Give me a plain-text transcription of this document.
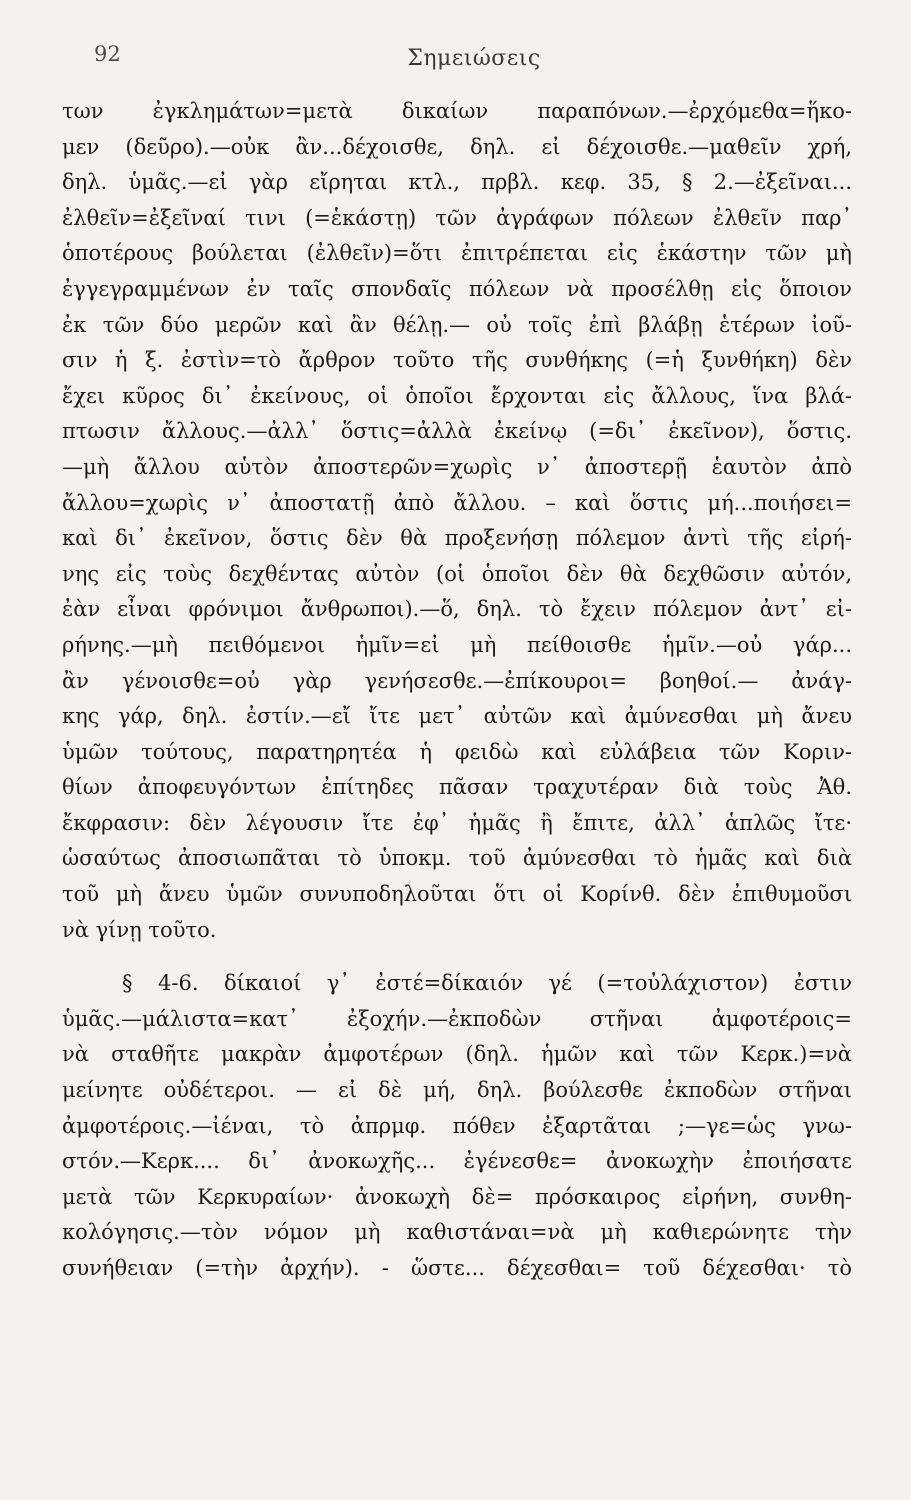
92	Σημειώσεις
των ἐγκλημάτων=μετὰ δικαίων παραπόνων.—ἐρχόμεθα=ἥκο-
μεν (δεῦρο).—οὐκ ἂν...δέχοισθε, δηλ. εἰ δέχοισθε.—μαθεῖν χρή,
δηλ. ὑμᾶς.—εἰ γὰρ εἴρηται κτλ., πρβλ. κεφ. 35, § 2.—ἐξεῖναι...
ἐλθεῖν=ἐξεῖναί τινι (=ἑκάστῃ) τῶν ἀγράφων πόλεων ἐλθεῖν παρ᾽
ὁποτέρους βούλεται (ἐλθεῖν)=ὅτι ἐπιτρέπεται εἰς ἑκάστην τῶν μὴ
ἐγγεγραμμένων ἐν ταῖς σπονδαῖς πόλεων νὰ προσέλθῃ εἰς ὅποιον
ἐκ τῶν δύο μερῶν καὶ ἂν θέλῃ.— οὐ τοῖς ἐπὶ βλάβῃ ἑτέρων ἰοῦ-
σιν ἡ ξ. ἐστὶν=τὸ ἄρθρον τοῦτο τῆς συνθήκης (=ἡ ξυνθήκη) δὲν
ἔχει κῦρος δι᾽ ἐκείνους, οἱ ὁποῖοι ἔρχονται εἰς ἄλλους, ἵνα βλά-
πτωσιν ἄλλους.—ἀλλ᾽ ὅστις=ἀλλὰ ἐκείνῳ (=δι᾽ ἐκεῖνον), ὅστις.
—μὴ ἄλλου αὑτὸν ἀποστερῶν=χωρὶς ν᾽ ἀποστερῇ ἑαυτὸν ἀπὸ
ἄλλου=χωρὶς ν᾽ ἀποστατῇ ἀπὸ ἄλλου. – καὶ ὅστις μή...ποιήσει=
καὶ δι᾽ ἐκεῖνον, ὅστις δὲν θὰ προξενήσῃ πόλεμον ἀντὶ τῆς εἰρή-
νης εἰς τοὺς δεχθέντας αὐτὸν (οἱ ὁποῖοι δὲν θὰ δεχθῶσιν αὐτόν,
ἐὰν εἶναι φρόνιμοι ἄνθρωποι).—ὅ, δηλ. τὸ ἔχειν πόλεμον ἀντ᾽ εἰ-
ρήνης.—μὴ πειθόμενοι ἡμῖν=εἰ μὴ πείθοισθε ἡμῖν.—οὐ γάρ...
ἂν γένοισθε=οὐ γὰρ γενήσεσθε.—ἐπίκουροι= βοηθοί.— ἀνάγ-
κης γάρ, δηλ. ἐστίν.—εἴ ἴτε μετ᾽ αὐτῶν καὶ ἀμύνεσθαι μὴ ἄνευ
ὑμῶν τούτους, παρατηρητέα ἡ φειδὼ καὶ εὐλάβεια τῶν Κοριν-
θίων ἀποφευγόντων ἐπίτηδες πᾶσαν τραχυτέραν διὰ τοὺς Ἀθ.
ἔκφρασιν: δὲν λέγουσιν ἴτε ἐφ᾽ ἡμᾶς ἢ ἔπιτε, ἀλλ᾽ ἁπλῶς ἴτε·
ὡσαύτως ἀποσιωπᾶται τὸ ὑποκμ. τοῦ ἀμύνεσθαι τὸ ἡμᾶς καὶ διὰ
τοῦ μὴ ἄνευ ὑμῶν συνυποδηλοῦται ὅτι οἱ Κορίνθ. δὲν ἐπιθυμοῦσι
νὰ γίνῃ τοῦτο.
§ 4-6. δίκαιοί γ᾽ ἐστέ=δίκαιόν γέ (=τοὐλάχιστον) ἐστιν
ὑμᾶς.—μάλιστα=κατ᾽ ἐξοχήν.—ἐκποδὼν στῆναι ἀμφοτέροις=
νὰ σταθῆτε μακρὰν ἀμφοτέρων (δηλ. ἡμῶν καὶ τῶν Κερκ.)=νὰ
μείνητε οὐδέτεροι. — εἰ δὲ μή, δηλ. βούλεσθε ἐκποδὼν στῆναι
ἀμφοτέροις.—ἰέναι, τὸ ἀπρμφ. πόθεν ἐξαρτᾶται ;—γε=ὡς γνω-
στόν.—Κερκ.... δι᾽ ἀνοκωχῆς... ἐγένεσθε= ἀνοκωχὴν ἐποιήσατε
μετὰ τῶν Κερκυραίων· ἀνοκωχὴ δὲ= πρόσκαιρος εἰρήνη, συνθη-
κολόγησις.—τὸν νόμον μὴ καθιστάναι=νὰ μὴ καθιερώνητε τὴν
συνήθειαν (=τὴν ἀρχήν). - ὥστε... δέχεσθαι= τοῦ δέχεσθαι· τὸ
